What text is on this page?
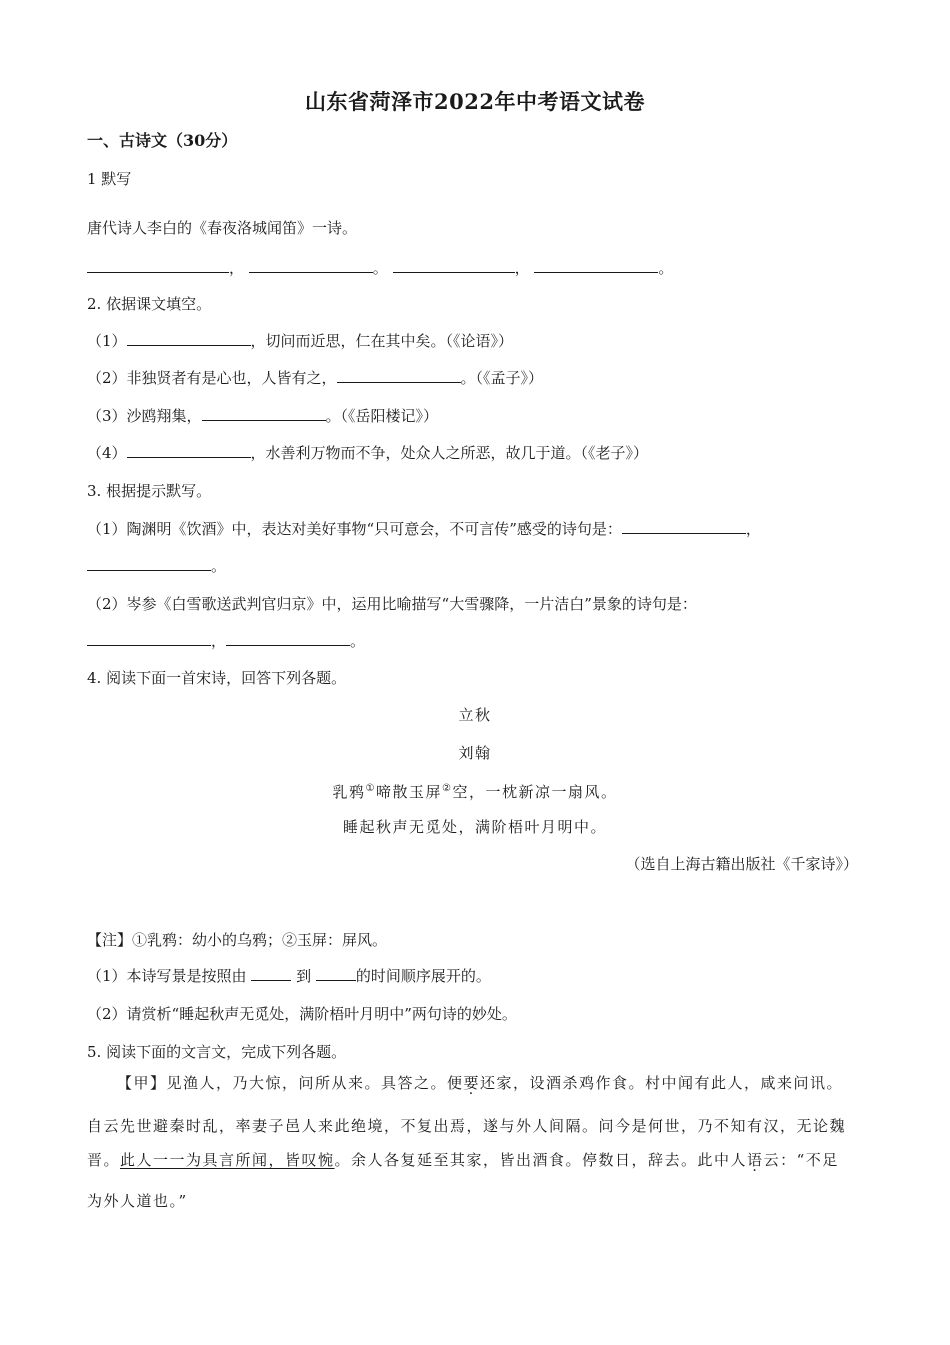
山东省菏泽市2022年中考语文试卷
一、古诗文（30分）
1 默写
唐代诗人李白的《春夜洛城闻笛》一诗。
，	。	，	。
2. 依据课文填空。
（1）	，切问而近思，仁在其中矣。（《论语》）
（2）非独贤者有是心也，人皆有之，	。（《孟子》）
（3）沙鸥翔集，	。（《岳阳楼记》）
（4）	，水善利万物而不争，处众人之所恶，故几于道。（《老子》）
3. 根据提示默写。
（1）陶渊明《饮酒》中，表达对美好事物“只可意会，不可言传”感受的诗句是：	，
。
（2）岑参《白雪歌送武判官归京》中，运用比喻描写“大雪骤降，一片洁白”景象的诗句是：
，	。
4. 阅读下面一首宋诗，回答下列各题。
立秋
刘翰
乳鸦①啼散玉屏②空，一枕新凉一扇风。
睡起秋声无觅处，满阶梧叶月明中。
（选自上海古籍出版社《千家诗》）
【注】①乳鸦：幼小的乌鸦；②玉屏：屏风。
（1）本诗写景是按照由	到	的时间顺序展开的。
（2）请赏析“睡起秋声无觅处，满阶梧叶月明中”两句诗的妙处。
5. 阅读下面的文言文，完成下列各题。
【甲】见渔人，乃大惊，问所从来。具答之。便要还家，设酒杀鸡作食。村中闻有此人，咸来问讯。
自云先世避秦时乱，率妻子邑人来此绝境，不复出焉，遂与外人间隔。问今是何世，乃不知有汉，无论魏
晋。此人一一为具言所闻，皆叹惋。余人各复延至其家，皆出酒食。停数日，辞去。此中人语云：“不足
为外人道也。”
